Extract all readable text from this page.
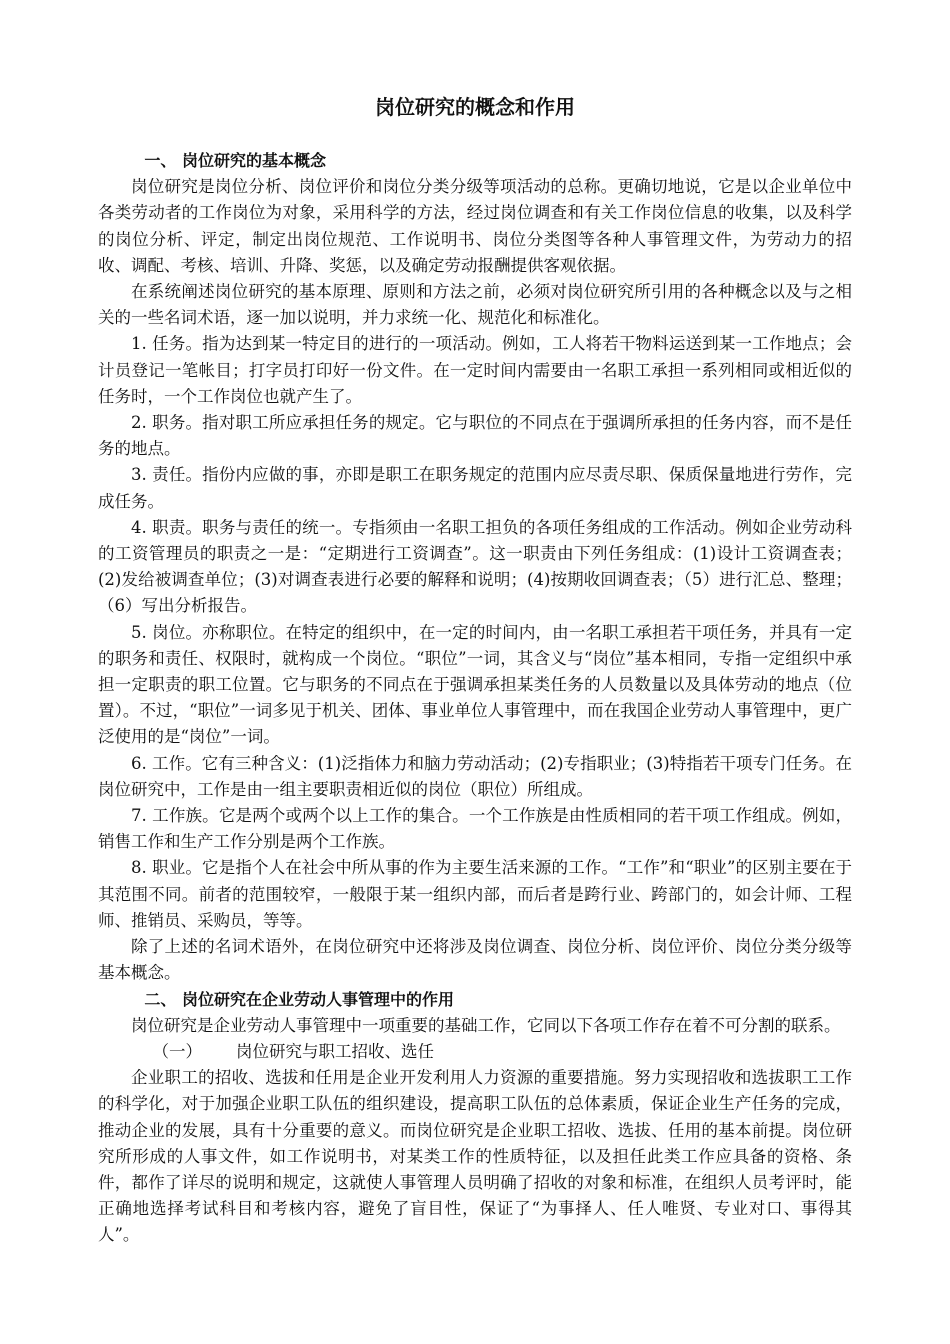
岗位研究的概念和作用

一、 岗位研究的基本概念

岗位研究是岗位分析、岗位评价和岗位分类分级等项活动的总称。更确切地说，它是以企业单位中各类劳动者的工作岗位为对象，采用科学的方法，经过岗位调查和有关工作岗位信息的收集，以及科学的岗位分析、评定，制定出岗位规范、工作说明书、岗位分类图等各种人事管理文件，为劳动力的招收、调配、考核、培训、升降、奖惩，以及确定劳动报酬提供客观依据。

在系统阐述岗位研究的基本原理、原则和方法之前，必须对岗位研究所引用的各种概念以及与之相关的一些名词术语，逐一加以说明，并力求统一化、规范化和标准化。

1. 任务。指为达到某一特定目的进行的一项活动。例如，工人将若干物料运送到某一工作地点；会计员登记一笔帐目；打字员打印好一份文件。在一定时间内需要由一名职工承担一系列相同或相近似的任务时，一个工作岗位也就产生了。

2. 职务。指对职工所应承担任务的规定。它与职位的不同点在于强调所承担的任务内容，而不是任务的地点。

3. 责任。指份内应做的事，亦即是职工在职务规定的范围内应尽责尽职、保质保量地进行劳作，完成任务。

4. 职责。职务与责任的统一。专指须由一名职工担负的各项任务组成的工作活动。例如企业劳动科的工资管理员的职责之一是：“定期进行工资调查”。这一职责由下列任务组成：(1)设计工资调查表；(2)发给被调查单位；(3)对调查表进行必要的解释和说明；(4)按期收回调查表；（5）进行汇总、整理；（6）写出分析报告。

5. 岗位。亦称职位。在特定的组织中，在一定的时间内，由一名职工承担若干项任务，并具有一定的职务和责任、权限时，就构成一个岗位。“职位”一词，其含义与“岗位”基本相同，专指一定组织中承担一定职责的职工位置。它与职务的不同点在于强调承担某类任务的人员数量以及具体劳动的地点（位置）。不过，“职位”一词多见于机关、团体、事业单位人事管理中，而在我国企业劳动人事管理中，更广泛使用的是“岗位”一词。

6. 工作。它有三种含义：(1)泛指体力和脑力劳动活动；(2)专指职业；(3)特指若干项专门任务。在岗位研究中，工作是由一组主要职责相近似的岗位（职位）所组成。

7. 工作族。它是两个或两个以上工作的集合。一个工作族是由性质相同的若干项工作组成。例如，销售工作和生产工作分别是两个工作族。

8. 职业。它是指个人在社会中所从事的作为主要生活来源的工作。“工作”和“职业”的区别主要在于其范围不同。前者的范围较窄，一般限于某一组织内部，而后者是跨行业、跨部门的，如会计师、工程师、推销员、采购员，等等。

除了上述的名词术语外，在岗位研究中还将涉及岗位调查、岗位分析、岗位评价、岗位分类分级等基本概念。

二、 岗位研究在企业劳动人事管理中的作用

岗位研究是企业劳动人事管理中一项重要的基础工作，它同以下各项工作存在着不可分割的联系。

（一） 岗位研究与职工招收、选任

企业职工的招收、选拔和任用是企业开发利用人力资源的重要措施。努力实现招收和选拔职工工作的科学化，对于加强企业职工队伍的组织建设，提高职工队伍的总体素质，保证企业生产任务的完成，推动企业的发展，具有十分重要的意义。而岗位研究是企业职工招收、选拔、任用的基本前提。岗位研究所形成的人事文件，如工作说明书，对某类工作的性质特征，以及担任此类工作应具备的资格、条件，都作了详尽的说明和规定，这就使人事管理人员明确了招收的对象和标准，在组织人员考评时，能正确地选择考试科目和考核内容，避免了盲目性，保证了“为事择人、任人唯贤、专业对口、事得其人”。
